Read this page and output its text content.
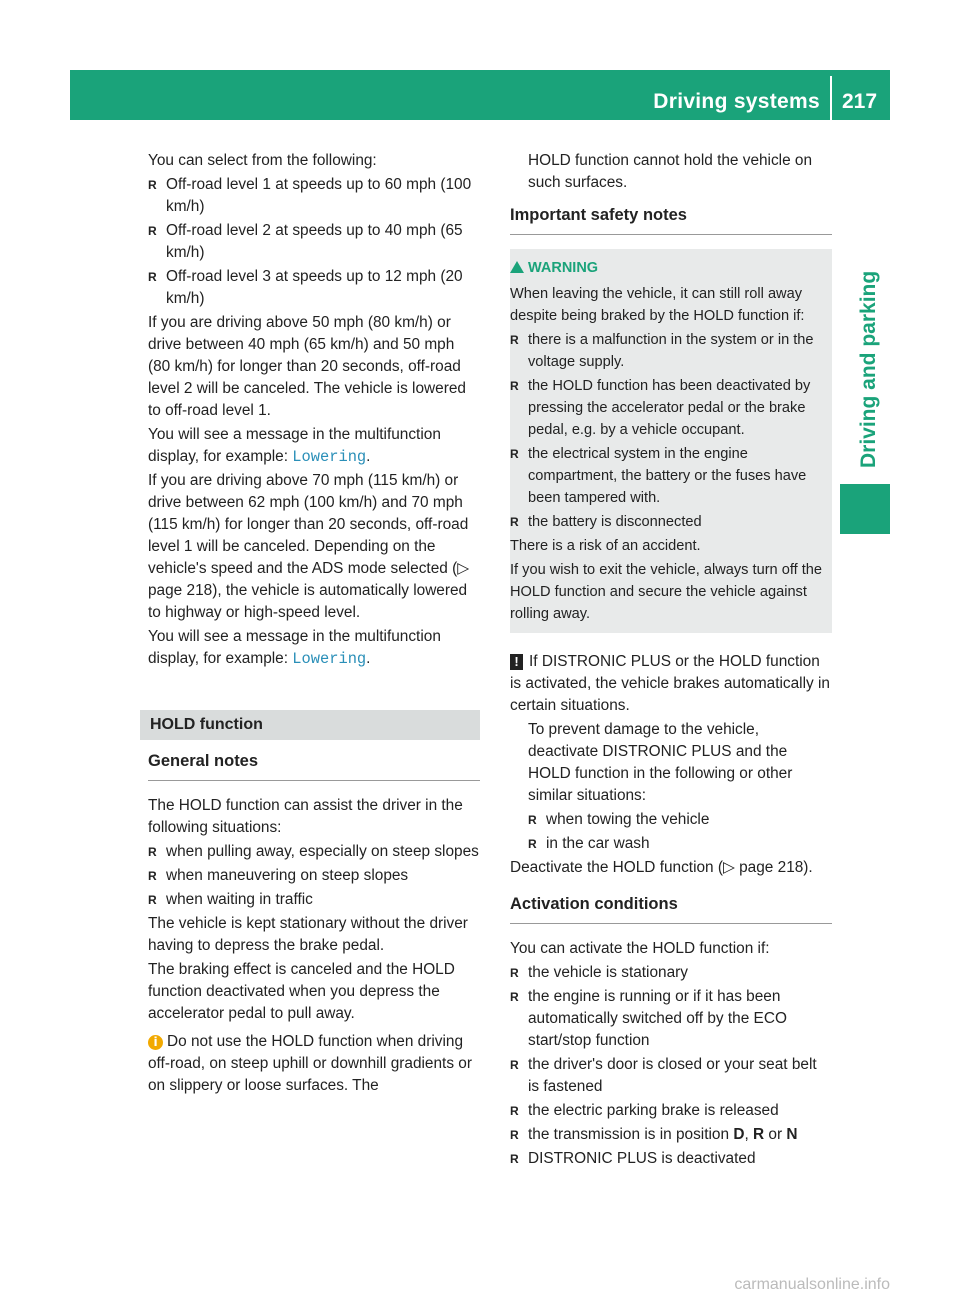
Driving systems 217
Driving and parking

You can select from the following:

R Off-road level 1 at speeds up to 60 mph (100 km/h)
R Off-road level 2 at speeds up to 40 mph (65 km/h)
R Off-road level 3 at speeds up to 12 mph (20 km/h)

If you are driving above 50 mph (80 km/h) or drive between 40 mph (65 km/h) and 50 mph (80 km/h) for longer than 20 seconds, off-road level 2 will be canceled. The vehicle is lowered to off-road level 1.

You will see a message in the multifunction display, for example: Lowering.

If you are driving above 70 mph (115 km/h) or drive between 62 mph (100 km/h) and 70 mph (115 km/h) for longer than 20 seconds, off-road level 1 will be canceled. Depending on the vehicle's speed and the ADS mode selected (▷ page 218), the vehicle is automatically lowered to highway or high-speed level.

You will see a message in the multifunction display, for example: Lowering.

HOLD function
General notes

The HOLD function can assist the driver in the following situations:

R when pulling away, especially on steep slopes
R when maneuvering on steep slopes
R when waiting in traffic

The vehicle is kept stationary without the driver having to depress the brake pedal.

The braking effect is canceled and the HOLD function deactivated when you depress the accelerator pedal to pull away.

i Do not use the HOLD function when driving off-road, on steep uphill or downhill gradients or on slippery or loose surfaces. The

HOLD function cannot hold the vehicle on such surfaces.

Important safety notes
WARNING

When leaving the vehicle, it can still roll away despite being braked by the HOLD function if:

R there is a malfunction in the system or in the voltage supply.
R the HOLD function has been deactivated by pressing the accelerator pedal or the brake pedal, e.g. by a vehicle occupant.
R the electrical system in the engine compartment, the battery or the fuses have been tampered with.
R the battery is disconnected

There is a risk of an accident.

If you wish to exit the vehicle, always turn off the HOLD function and secure the vehicle against rolling away.

! If DISTRONIC PLUS or the HOLD function is activated, the vehicle brakes automatically in certain situations.

To prevent damage to the vehicle, deactivate DISTRONIC PLUS and the HOLD function in the following or other similar situations:

R when towing the vehicle
R in the car wash

Deactivate the HOLD function (▷ page 218).

Activation conditions

You can activate the HOLD function if:

R the vehicle is stationary
R the engine is running or if it has been automatically switched off by the ECO start/stop function
R the driver's door is closed or your seat belt is fastened
R the electric parking brake is released
R the transmission is in position D, R or N
R DISTRONIC PLUS is deactivated
carmanualsonline.info
